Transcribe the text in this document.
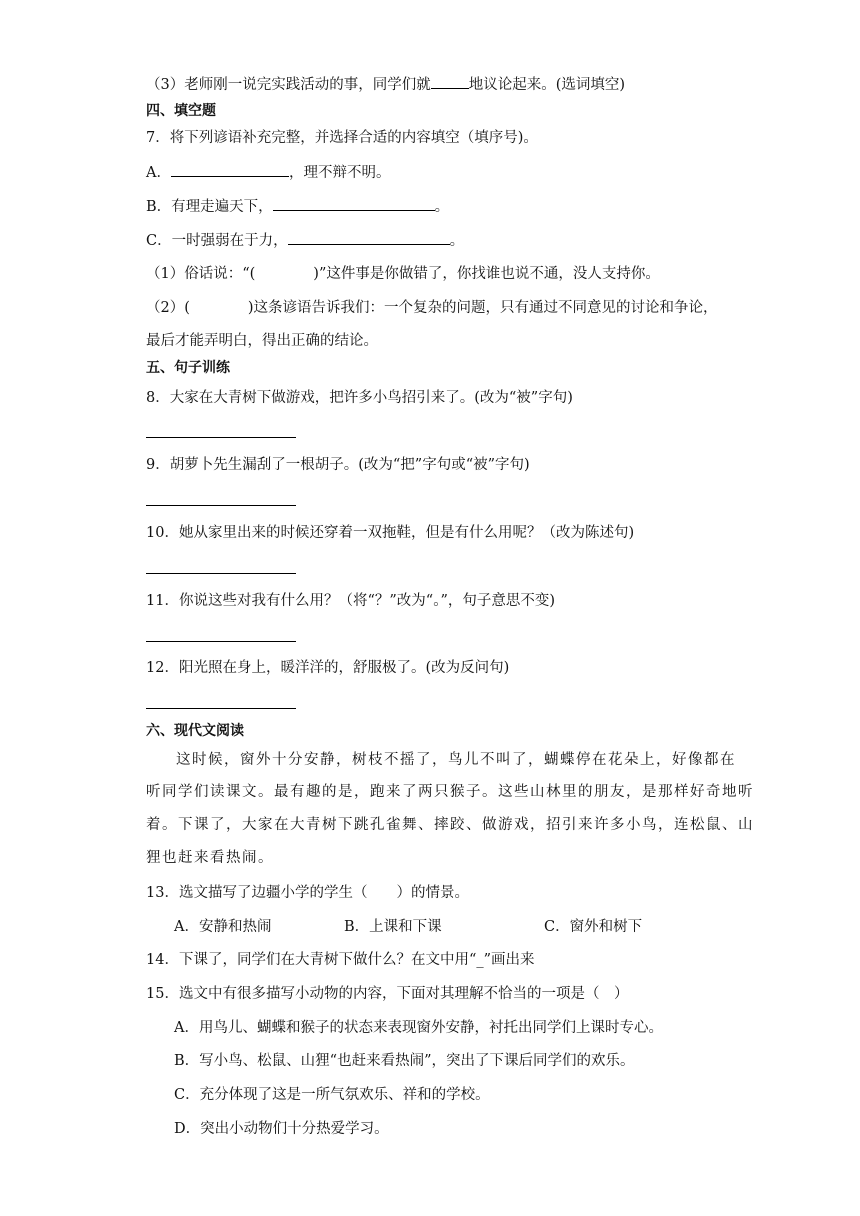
（3）老师刚一说完实践活动的事，同学们就	地议论起来。(选词填空)
四、填空题
7．将下列谚语补充完整，并选择合适的内容填空（填序号)。
A．	，理不辩不明。
B．有理走遍天下，	。
C．一时强弱在于力，	。
（1）俗话说：“(　　　　)”这件事是你做错了，你找谁也说不通，没人支持你。
（2）(　　　　)这条谚语告诉我们：一个复杂的问题，只有通过不同意见的讨论和争论，
最后才能弄明白，得出正确的结论。
五、句子训练
8．大家在大青树下做游戏，把许多小鸟招引来了。(改为“被”字句)
9．胡萝卜先生漏刮了一根胡子。(改为“把”字句或“被”字句)
10．她从家里出来的时候还穿着一双拖鞋，但是有什么用呢？（改为陈述句)
11．你说这些对我有什么用？（将“？”改为“。”，句子意思不变)
12．阳光照在身上，暖洋洋的，舒服极了。(改为反问句)
六、现代文阅读
这时候，窗外十分安静，树枝不摇了，鸟儿不叫了，蝴蝶停在花朵上，好像都在
听同学们读课文。最有趣的是，跑来了两只猴子。这些山林里的朋友，是那样好奇地听
着。下课了，大家在大青树下跳孔雀舞、摔跤、做游戏，招引来许多小鸟，连松鼠、山
狸也赶来看热闹。
13．选文描写了边疆小学的学生（　　）的情景。
A．安静和热闹	B．上课和下课	C．窗外和树下
14．下课了，同学们在大青树下做什么？在文中用“_”画出来
15．选文中有很多描写小动物的内容，下面对其理解不恰当的一项是（　）
A．用鸟儿、蝴蝶和猴子的状态来表现窗外安静，衬托出同学们上课时专心。
B．写小鸟、松鼠、山狸“也赶来看热闹”，突出了下课后同学们的欢乐。
C．充分体现了这是一所气氛欢乐、祥和的学校。
D．突出小动物们十分热爱学习。
